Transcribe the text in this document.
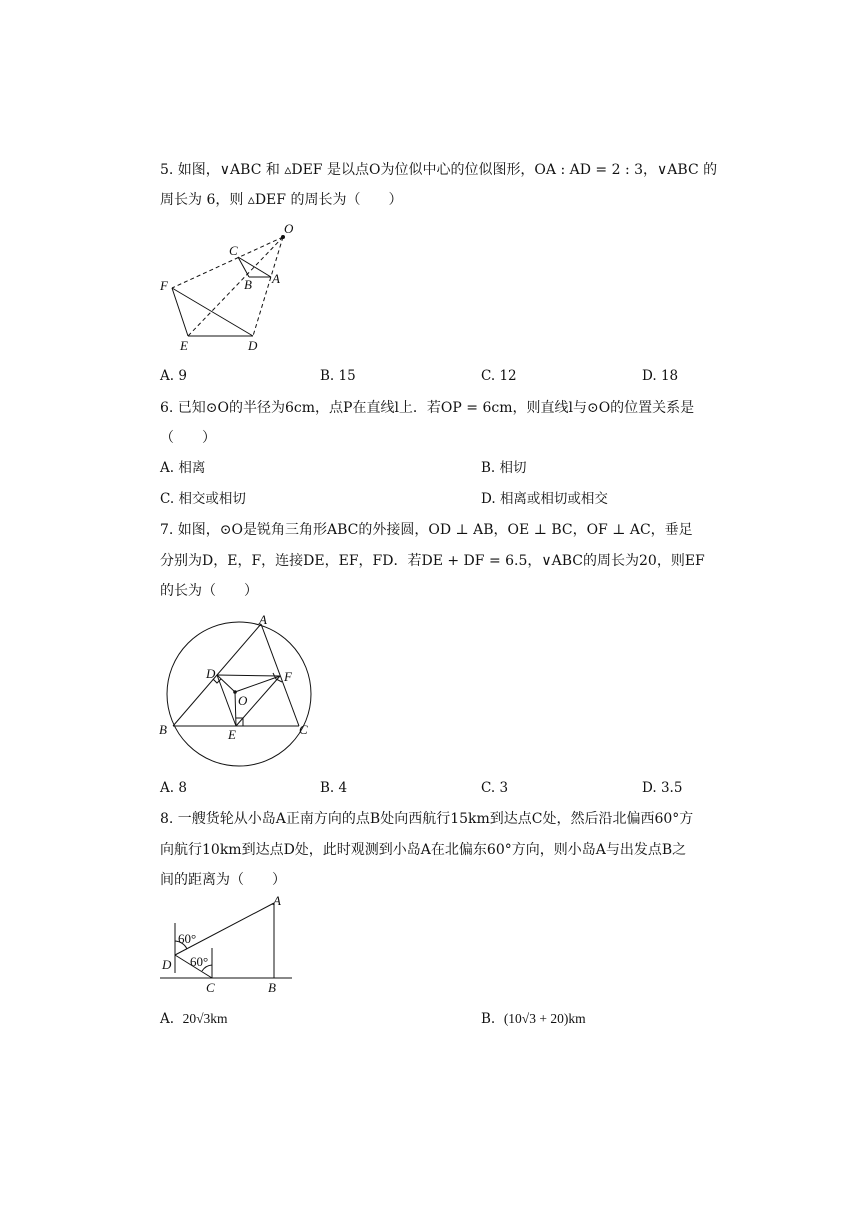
5. 如图，∨ABC 和 ▵DEF 是以点O为位似中心的位似图形，OA : AD = 2 : 3，∨ABC 的
周长为 6，则 ▵DEF 的周长为（　　）
O
C
B A
F
E	D
A. 9	B. 15	C. 12	D. 18
6. 已知⊙O的半径为6cm，点P在直线l上．若OP = 6cm，则直线l与⊙O的位置关系是
（　　）
A. 相离	B. 相切
C. 相交或相切	D. 相离或相切或相交
7. 如图，⊙O是锐角三角形ABC的外接圆，OD ⊥ AB，OE ⊥ BC，OF ⊥ AC，垂足
分别为D，E，F，连接DE，EF，FD．若DE + DF = 6.5，∨ABC的周长为20，则EF
的长为（　　）
A
D	F
O
B	E	C
A. 8	B. 4	C. 3	D. 3.5
8. 一艘货轮从小岛A正南方向的点B处向西航行15km到达点C处，然后沿北偏西60°方
向航行10km到达点D处，此时观测到小岛A在北偏东60°方向，则小岛A与出发点B之
间的距离为（　　）
A
60°
D 60°
C	B
A. 20√3km	B. (10√3 + 20)km
